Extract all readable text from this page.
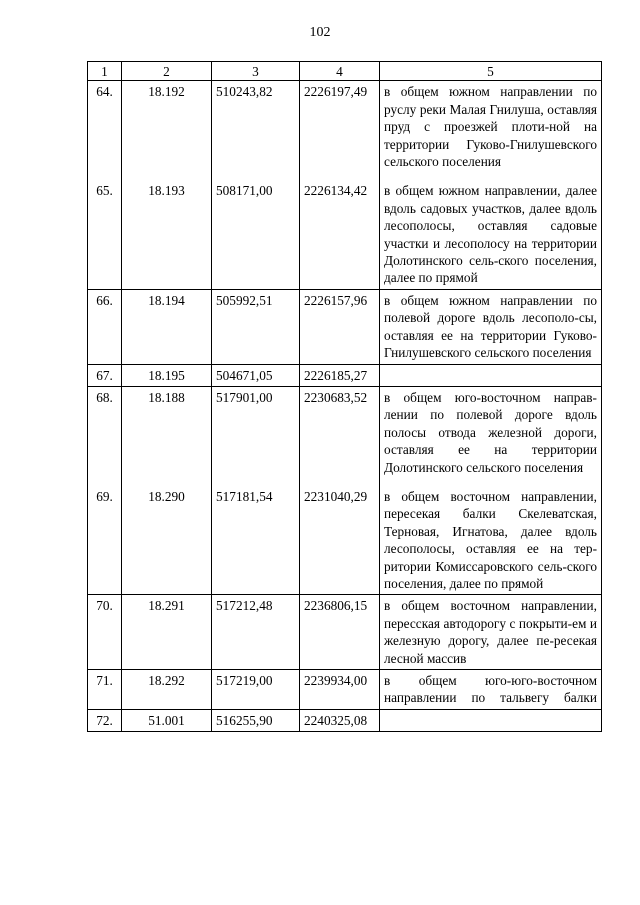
102
1	2	3	4	5
64.	18.192	510243,82	2226197,49	в общем южном направлении по руслу реки Малая Гнилуша, оставляя пруд с проезжей плоти-ной на территории Гуково-Гнилушевского сельского поселения
65.	18.193	508171,00	2226134,42	в общем южном направлении, далее вдоль садовых участков, далее вдоль лесополосы, оставляя садовые участки и лесополосу на территории Долотинского сель-ского поселения, далее по прямой
66.	18.194	505992,51	2226157,96	в общем южном направлении по полевой дороге вдоль лесополо-сы, оставляя ее на территории Гуково-Гнилушевского сельского поселения
67.	18.195	504671,05	2226185,27	
68.	18.188	517901,00	2230683,52	в общем юго-восточном направ-лении по полевой дороге вдоль полосы отвода железной дороги, оставляя ее на территории Долотинского сельского поселения
69.	18.290	517181,54	2231040,29	в общем восточном направлении, пересекая балки Скелеватская, Терновая, Игнатова, далее вдоль лесополосы, оставляя ее на тер-ритории Комиссаровского сель-ского поселения, далее по прямой
70.	18.291	517212,48	2236806,15	в общем восточном направлении, пересская автодорогу с покрыти-ем и железную дорогу, далее пе-ресекая лесной массив
71.	18.292	517219,00	2239934,00	в общем юго-юго-восточном направлении по тальвегу балки
72.	51.001	516255,90	2240325,08	
